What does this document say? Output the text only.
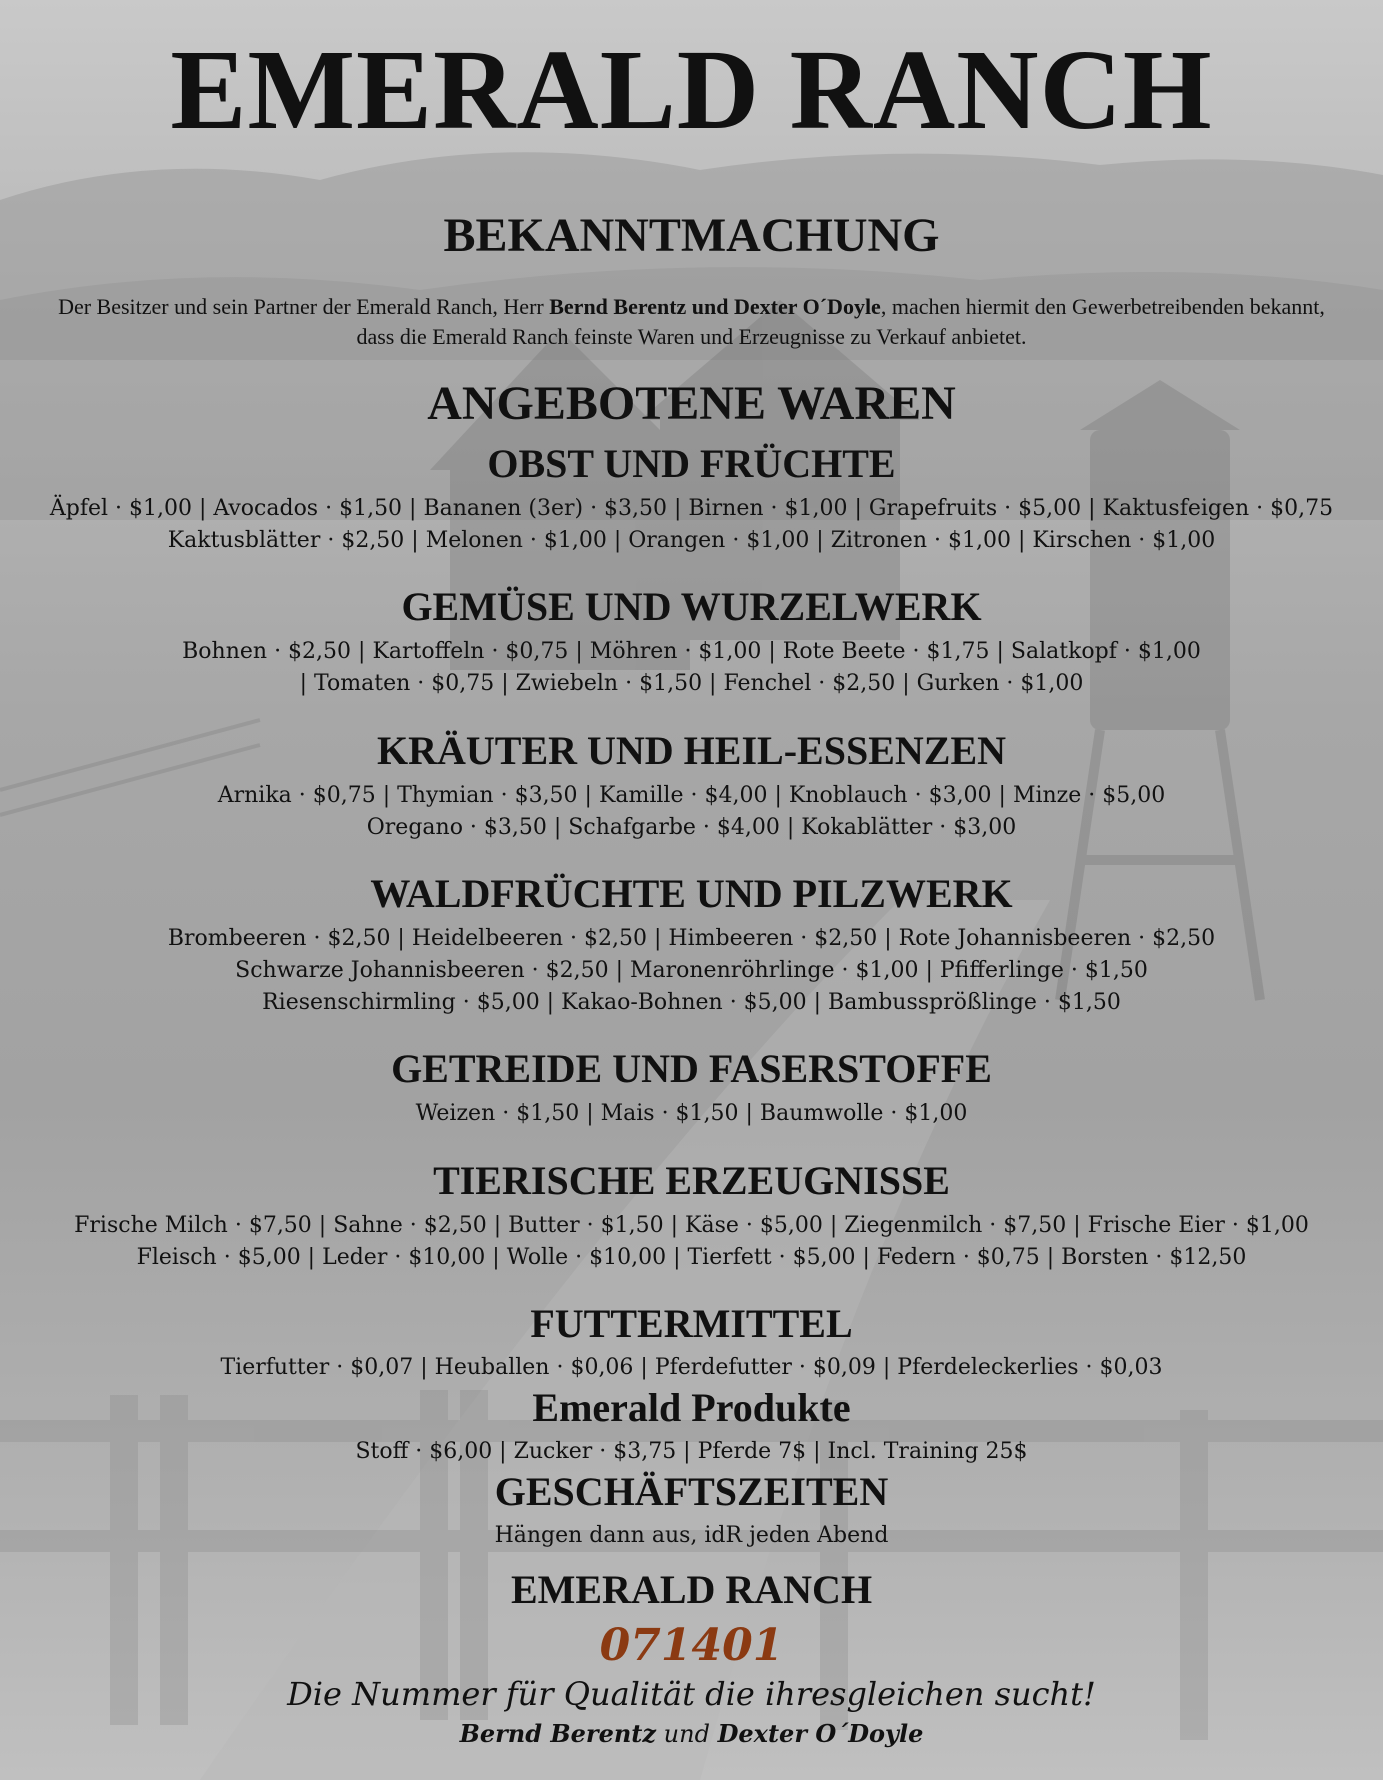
EMERALD RANCH
BEKANNTMACHUNG

Der Besitzer und sein Partner der Emerald Ranch, Herr Bernd Berentz und Dexter O´Doyle, machen hiermit den Gewerbetreibenden bekannt, dass die Emerald Ranch feinste Waren und Erzeugnisse zu Verkauf anbietet.

ANGEBOTENE WAREN
OBST UND FRÜCHTE

Äpfel · $1,00 | Avocados · $1,50 | Bananen (3er) · $3,50 | Birnen · $1,00 | Grapefruits · $5,00 | Kaktusfeigen · $0,75

Kaktusblätter · $2,50 | Melonen · $1,00 | Orangen · $1,00 | Zitronen · $1,00 | Kirschen · $1,00

GEMÜSE UND WURZELWERK

Bohnen · $2,50 | Kartoffeln · $0,75 | Möhren · $1,00 | Rote Beete · $1,75 | Salatkopf · $1,00

| Tomaten · $0,75 | Zwiebeln · $1,50 | Fenchel · $2,50 | Gurken · $1,00

KRÄUTER UND HEIL-ESSENZEN

Arnika · $0,75 | Thymian · $3,50 | Kamille · $4,00 | Knoblauch · $3,00 | Minze · $5,00

Oregano · $3,50 | Schafgarbe · $4,00 | Kokablätter · $3,00

WALDFRÜCHTE UND PILZWERK

Brombeeren · $2,50 | Heidelbeeren · $2,50 | Himbeeren · $2,50 | Rote Johannisbeeren · $2,50

Schwarze Johannisbeeren · $2,50 | Maronenröhrlinge · $1,00 | Pfifferlinge · $1,50

Riesenschirmling · $5,00 | Kakao-Bohnen · $5,00 | Bambussprößlinge · $1,50

GETREIDE UND FASERSTOFFE

Weizen · $1,50 | Mais · $1,50 | Baumwolle · $1,00

TIERISCHE ERZEUGNISSE

Frische Milch · $7,50 | Sahne · $2,50 | Butter · $1,50 | Käse · $5,00 | Ziegenmilch · $7,50 | Frische Eier · $1,00

Fleisch · $5,00 | Leder · $10,00 | Wolle · $10,00 | Tierfett · $5,00 | Federn · $0,75 | Borsten · $12,50

FUTTERMITTEL

Tierfutter · $0,07 | Heuballen · $0,06 | Pferdefutter · $0,09 | Pferdeleckerlies · $0,03

Emerald Produkte

Stoff · $6,00 | Zucker · $3,75 | Pferde 7$ | Incl. Training 25$

GESCHÄFTSZEITEN

Hängen dann aus, idR jeden Abend

EMERALD RANCH

071401

Die Nummer für Qualität die ihresgleichen sucht!

Bernd Berentz und Dexter O´Doyle
